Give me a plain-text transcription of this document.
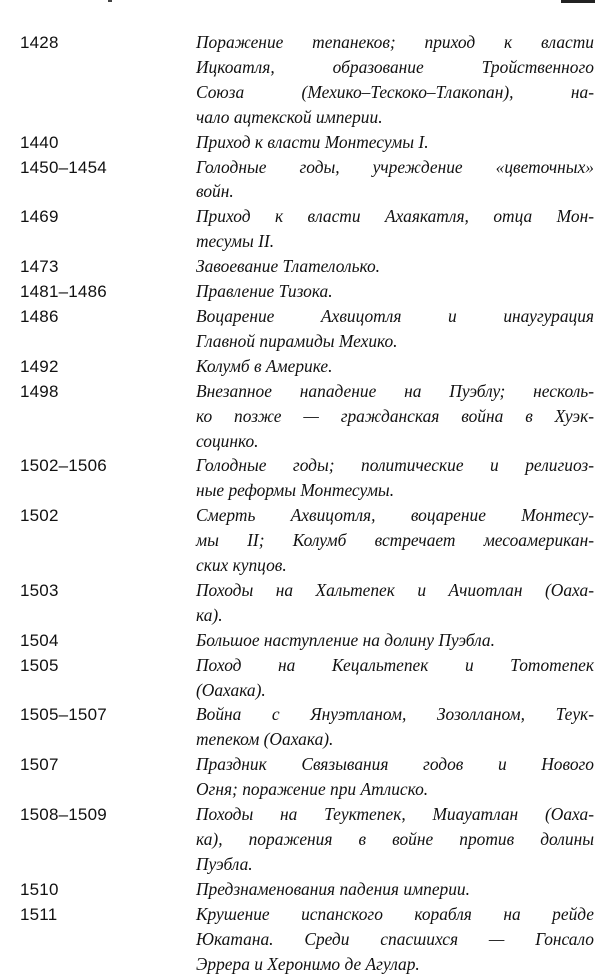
1428	Поражение тепанеков; приход к власти
Ицкоатля, образование Тройственного
Союза (Мехико–Тескоко–Тлакопан), на-
чало ацтекской империи.
1440	Приход к власти Монтесумы I.
1450–1454	Голодные годы, учреждение «цветочных»
войн.
1469	Приход к власти Ахаякатля, отца Мон-
тесумы II.
1473	Завоевание Тлателолько.
1481–1486	Правление Тизока.
1486	Воцарение Ахвицотля и инаугурация
Главной пирамиды Мехико.
1492	Колумб в Америке.
1498	Внезапное нападение на Пуэблу; несколь-
ко позже — гражданская война в Хуэк-
социнко.
1502–1506	Голодные годы; политические и религиоз-
ные реформы Монтесумы.
1502	Смерть Ахвицотля, воцарение Монтесу-
мы II; Колумб встречает месоамерикан-
ских купцов.
1503	Походы на Хальтепек и Ачиотлан (Оаха-
ка).
1504	Большое наступление на долину Пуэбла.
1505	Поход на Кецальтепек и Тототепек
(Оахака).
1505–1507	Война с Януэтланом, Зозолланом, Теук-
тепеком (Оахака).
1507	Праздник Связывания годов и Нового
Огня; поражение при Атлиско.
1508–1509	Походы на Теуктепек, Миауатлан (Оаха-
ка), поражения в войне против долины
Пуэбла.
1510	Предзнаменования падения империи.
1511	Крушение испанского корабля на рейде
Юкатана. Среди спасшихся — Гонсало
Эррера и Херонимо де Агулар.
